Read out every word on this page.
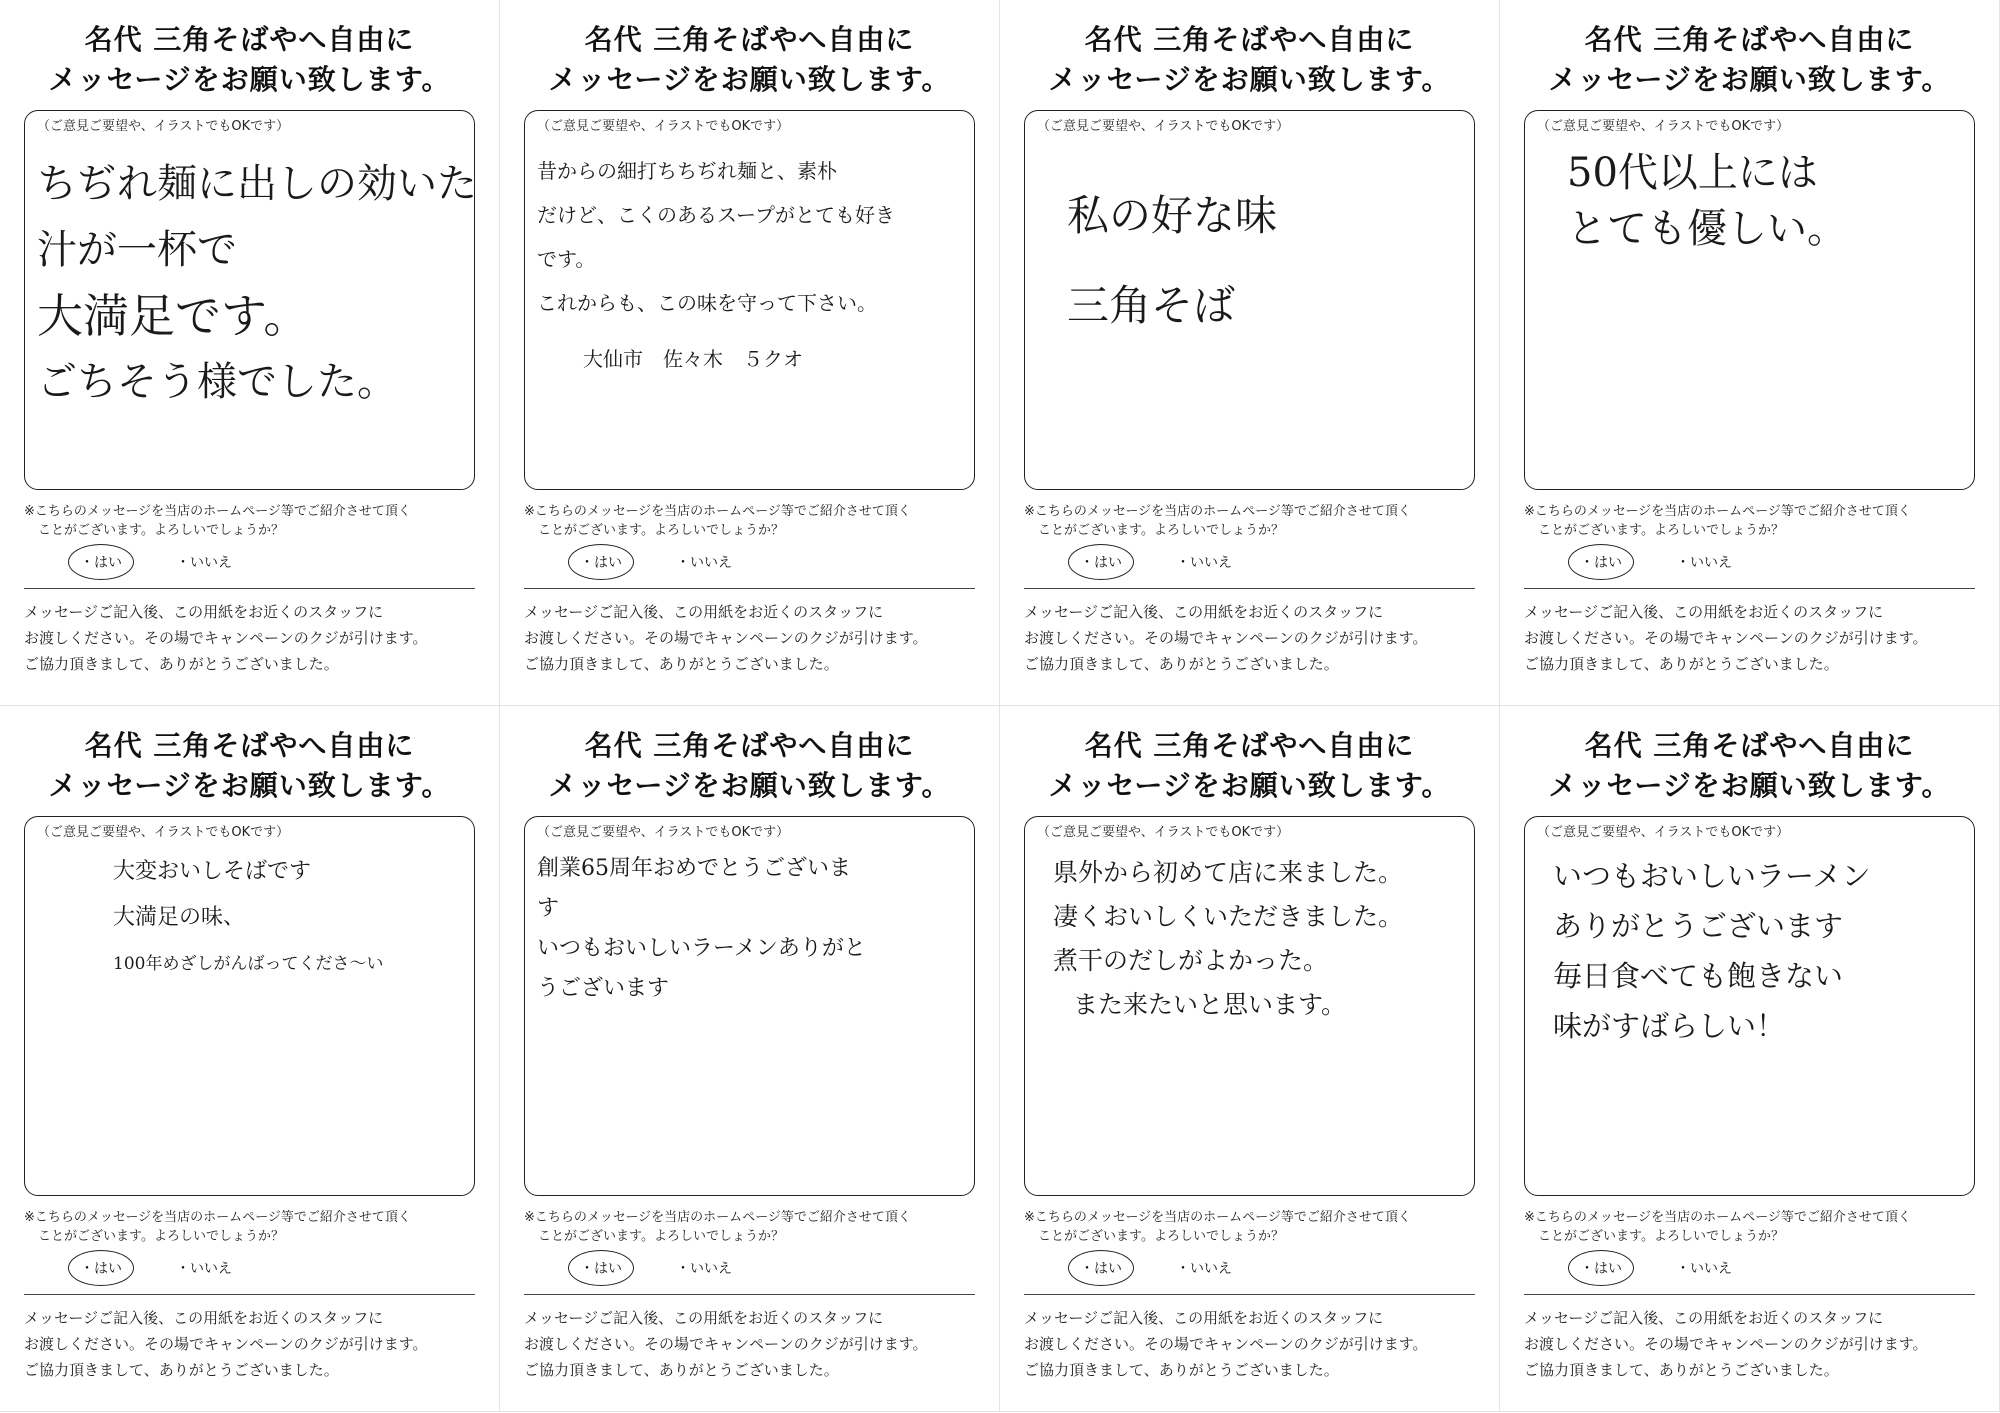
名代 三角そばやへ自由に
メッセージをお願い致します。
（ご意見ご要望や、イラストでもOKです）
ちぢれ麺に出しの効いた
汁が一杯で
大満足です。
ごちそう様でした。
※こちらのメッセージを当店のホームページ等でご紹介させて頂く
ことがございます。よろしいでしょうか？
・はい	・いいえ
メッセージご記入後、この用紙をお近くのスタッフに
お渡しください。その場でキャンペーンのクジが引けます。
ご協力頂きまして、ありがとうございました。
名代 三角そばやへ自由に
メッセージをお願い致します。
（ご意見ご要望や、イラストでもOKです）
昔からの細打ちちぢれ麺と、素朴
だけど、こくのあるスープがとても好き
です。
これからも、この味を守って下さい。
大仙市　佐々木　５クオ
※こちらのメッセージを当店のホームページ等でご紹介させて頂く
ことがございます。よろしいでしょうか？
・はい	・いいえ
メッセージご記入後、この用紙をお近くのスタッフに
お渡しください。その場でキャンペーンのクジが引けます。
ご協力頂きまして、ありがとうございました。
名代 三角そばやへ自由に
メッセージをお願い致します。
（ご意見ご要望や、イラストでもOKです）
私の好な味
三角そば
※こちらのメッセージを当店のホームページ等でご紹介させて頂く
ことがございます。よろしいでしょうか？
・はい	・いいえ
メッセージご記入後、この用紙をお近くのスタッフに
お渡しください。その場でキャンペーンのクジが引けます。
ご協力頂きまして、ありがとうございました。
名代 三角そばやへ自由に
メッセージをお願い致します。
（ご意見ご要望や、イラストでもOKです）
50代以上には
とても優しい。
※こちらのメッセージを当店のホームページ等でご紹介させて頂く
ことがございます。よろしいでしょうか？
・はい	・いいえ
メッセージご記入後、この用紙をお近くのスタッフに
お渡しください。その場でキャンペーンのクジが引けます。
ご協力頂きまして、ありがとうございました。
名代 三角そばやへ自由に
メッセージをお願い致します。
（ご意見ご要望や、イラストでもOKです）
大変おいしそばです
大満足の味、
100年めざしがんばってくださ〜い
※こちらのメッセージを当店のホームページ等でご紹介させて頂く
ことがございます。よろしいでしょうか？
・はい	・いいえ
メッセージご記入後、この用紙をお近くのスタッフに
お渡しください。その場でキャンペーンのクジが引けます。
ご協力頂きまして、ありがとうございました。
名代 三角そばやへ自由に
メッセージをお願い致します。
（ご意見ご要望や、イラストでもOKです）
創業65周年おめでとうございま
す
いつもおいしいラーメンありがと
うございます
※こちらのメッセージを当店のホームページ等でご紹介させて頂く
ことがございます。よろしいでしょうか？
・はい	・いいえ
メッセージご記入後、この用紙をお近くのスタッフに
お渡しください。その場でキャンペーンのクジが引けます。
ご協力頂きまして、ありがとうございました。
名代 三角そばやへ自由に
メッセージをお願い致します。
（ご意見ご要望や、イラストでもOKです）
県外から初めて店に来ました。
凄くおいしくいただきました。
煮干のだしがよかった。
また来たいと思います。
※こちらのメッセージを当店のホームページ等でご紹介させて頂く
ことがございます。よろしいでしょうか？
・はい	・いいえ
メッセージご記入後、この用紙をお近くのスタッフに
お渡しください。その場でキャンペーンのクジが引けます。
ご協力頂きまして、ありがとうございました。
名代 三角そばやへ自由に
メッセージをお願い致します。
（ご意見ご要望や、イラストでもOKです）
いつもおいしいラーメン
ありがとうございます
毎日食べても飽きない
味がすばらしい！
※こちらのメッセージを当店のホームページ等でご紹介させて頂く
ことがございます。よろしいでしょうか？
・はい	・いいえ
メッセージご記入後、この用紙をお近くのスタッフに
お渡しください。その場でキャンペーンのクジが引けます。
ご協力頂きまして、ありがとうございました。
